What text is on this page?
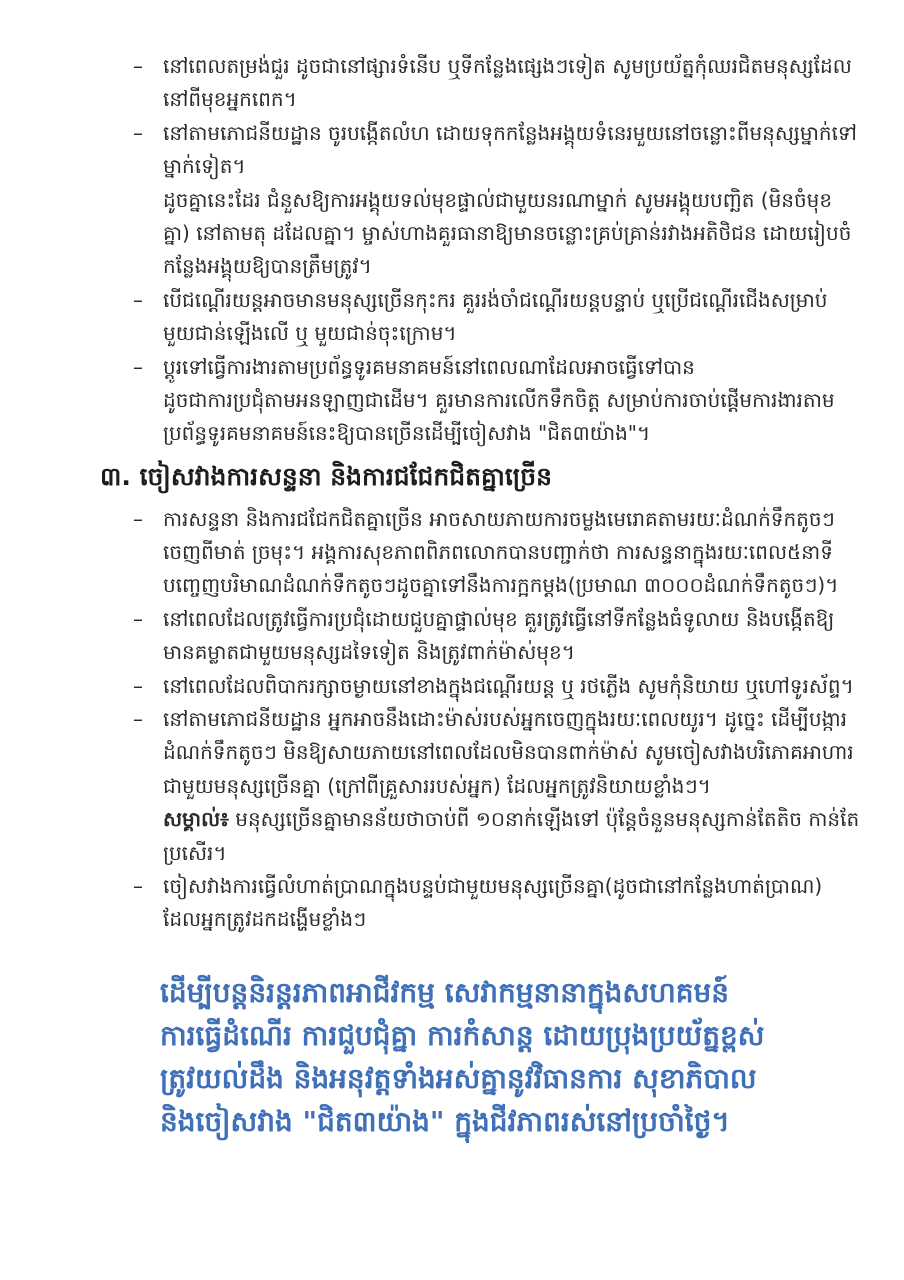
– នៅពេលតម្រង់ជួរ ដូចជានៅផ្សារទំនើប ឬទីកន្លែងផ្សេងៗទៀត សូមប្រយ័ត្នកុំឈរជិតមនុស្សដែល
នៅពីមុខអ្នកពេក។
– នៅតាមភោជនីយដ្ឋាន ចូរបង្កើតលំហ ដោយទុកកន្លែងអង្គុយទំនេរមួយនៅចន្លោះពីមនុស្សម្នាក់ទៅ
ម្នាក់ទៀត។
ដូចគ្នានេះដែរ ជំនួសឱ្យការអង្គុយទល់មុខផ្ទាល់ជាមួយនរណាម្នាក់ សូមអង្គុយបញ្ឆិត (មិនចំមុខ
គ្នា) នៅតាមតុ ដដែលគ្នា។ ម្ចាស់ហាងគួរធានាឱ្យមានចន្លោះគ្រប់គ្រាន់រវាងអតិថិជន ដោយរៀបចំ
កន្លែងអង្គុយឱ្យបានត្រឹមត្រូវ។
– បើជណ្ដើរយន្តអាចមានមនុស្សច្រើនកុះករ គួររង់ចាំជណ្ដើរយន្តបន្ទាប់ ឬប្រើជណ្ដើរជើងសម្រាប់
មួយជាន់ឡើងលើ ឬ មួយជាន់ចុះក្រោម។
– ប្ដូរទៅធ្វើការងារតាមប្រព័ន្ធទូរគមនាគមន៍នៅពេលណាដែលអាចធ្វើទៅបាន
ដូចជាការប្រជុំតាមអនឡាញជាដើម។ គួរមានការលើកទឹកចិត្ត សម្រាប់ការចាប់ផ្ដើមការងារតាម
ប្រព័ន្ធទូរគមនាគមន៍នេះឱ្យបានច្រើនដើម្បីចៀសវាង "ជិត៣យ៉ាង"។
៣. ចៀសវាងការសន្ទនា និងការជជែកជិតគ្នាច្រើន
– ការសន្ទនា និងការជជែកជិតគ្នាច្រើន អាចសាយភាយការចម្លងមេរោគតាមរយៈដំណក់ទឹកតូចៗ
ចេញពីមាត់ ច្រមុះ។ អង្គការសុខភាពពិភពលោកបានបញ្ជាក់ថា ការសន្ទនាក្នុងរយៈពេល៥នាទី
បញ្ចេញបរិមាណដំណក់ទឹកតូចៗដូចគ្នាទៅនឹងការក្អកម្ដង(ប្រមាណ ៣០០០ដំណក់ទឹកតូចៗ)។
– នៅពេលដែលត្រូវធ្វើការប្រជុំដោយជួបគ្នាផ្ទាល់មុខ គួរត្រូវធ្វើនៅទីកន្លែងធំទូលាយ និងបង្កើតឱ្យ
មានគម្លាតជាមួយមនុស្សដទៃទៀត និងត្រូវពាក់ម៉ាស់មុខ។
– នៅពេលដែលពិបាករក្សាចម្ងាយនៅខាងក្នុងជណ្ដើរយន្ត ឬ រថភ្លើង សូមកុំនិយាយ ឬហៅទូរស័ព្ទ។
– នៅតាមភោជនីយដ្ឋាន អ្នកអាចនឹងដោះម៉ាស់របស់អ្នកចេញក្នុងរយៈពេលយូរ។ ដូច្នេះ ដើម្បីបង្ការ
ដំណក់ទឹកតូចៗ មិនឱ្យសាយភាយនៅពេលដែលមិនបានពាក់ម៉ាស់ សូមចៀសវាងបរិភោគអាហារ
ជាមួយមនុស្សច្រើនគ្នា (ក្រៅពីគ្រួសាររបស់អ្នក) ដែលអ្នកត្រូវនិយាយខ្លាំងៗ។
សម្គាល់៖ មនុស្សច្រើនគ្នាមានន័យថាចាប់ពី ១០នាក់ឡើងទៅ ប៉ុន្តែចំនួនមនុស្សកាន់តែតិច កាន់តែ
ប្រសើរ។
– ចៀសវាងការធ្វើលំហាត់ប្រាណក្នុងបន្ទប់ជាមួយមនុស្សច្រើនគ្នា(ដូចជានៅកន្លែងហាត់ប្រាណ)
ដែលអ្នកត្រូវដកដង្ហើមខ្លាំងៗ
ដើម្បីបន្តនិរន្តរភាពអាជីវកម្ម សេវាកម្មនានាក្នុងសហគមន៍
ការធ្វើដំណើរ ការជួបជុំគ្នា ការកំសាន្ត ដោយប្រុងប្រយ័ត្នខ្ពស់
ត្រូវយល់ដឹង និងអនុវត្តទាំងអស់គ្នានូវវិធានការ សុខាភិបាល
និងចៀសវាង "ជិត៣យ៉ាង" ក្នុងជីវភាពរស់នៅប្រចាំថ្ងៃ។
